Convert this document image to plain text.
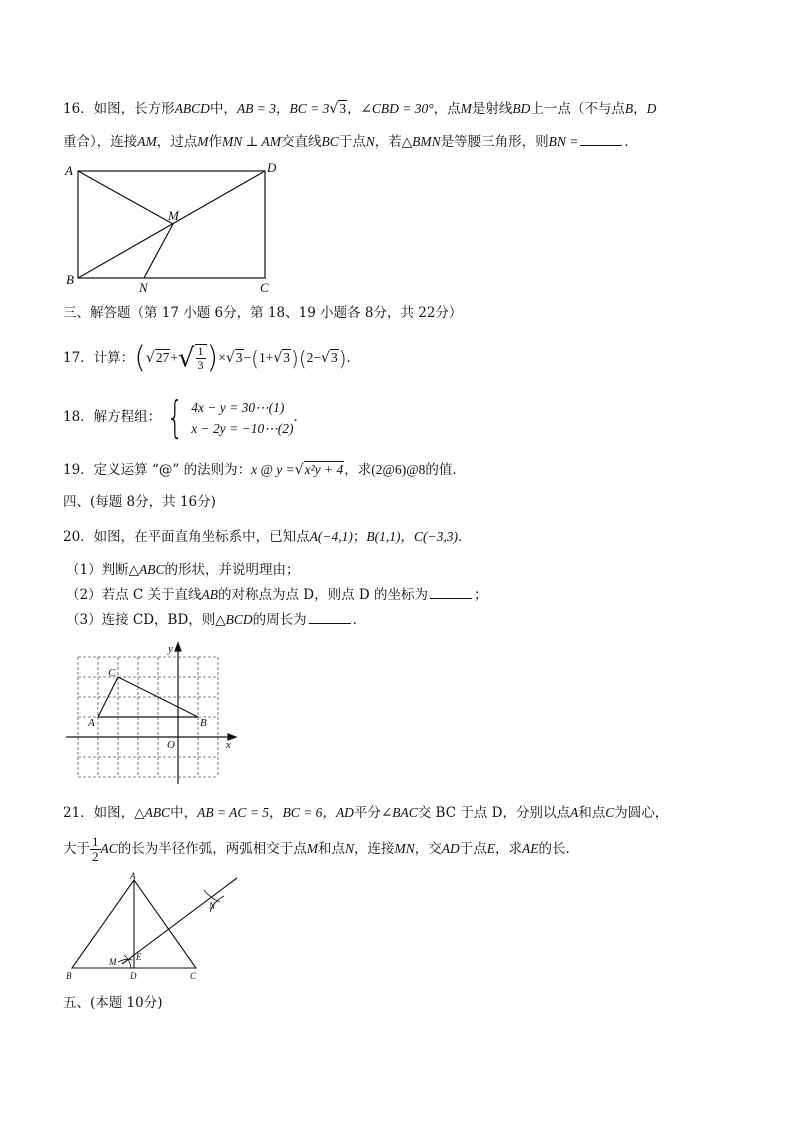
16．如图，长方形ABCD中，AB = 3，BC = 3√3，∠CBD = 30°，点M是射线BD上一点（不与点B，D
重合），连接AM，过点M作MN ⊥ AM交直线BC于点N，若△BMN是等腰三角形，则BN =	．
A	D
M
B
N	C
三、解答题（第 17 小题 6分，第 18、19 小题各 8分，共 22分）
17．计算：$(√27+√ \frac{1}{3} )\times√3-(1+√3)(2-√3)$．
18．解方程组： { 4x − y = 30⋯(1)
x − 2y = −10⋯(2)
．
19．定义运算 “@” 的法则为：x @ y =√x²y + 4，求(2@6)@8的值．
四、(每题 8分，共 16分)
20．如图，在平面直角坐标系中，已知点A(−4,1)；B(1,1)，C(−3,3)．
（1）判断△ABC的形状，并说明理由；
（2）若点 C 关于直线AB的对称点为点 D，则点 D 的坐标为	；
（3）连接 CD，BD，则△BCD的周长为	．
y
x
O
A	B
C
21．如图，△ABC中，AB = AC = 5，BC = 6，AD平分∠BAC交 BC 于点 D，分别以点A和点C为圆心，
大于 $\frac{1}{2}$ AC的长为半径作弧，两弧相交于点M和点N，连接MN，交AD于点E，求AE的长．
A
N
M E
B	D	C
五、(本题 10分)
